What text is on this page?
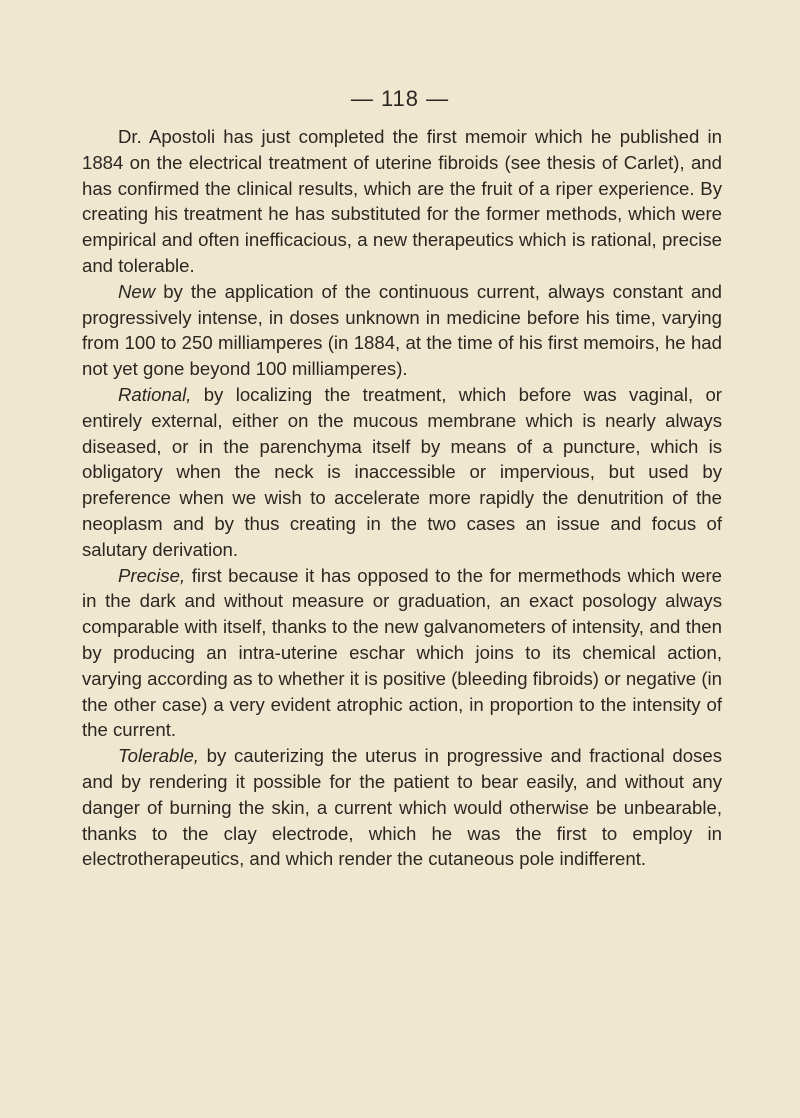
— 118 —

Dr. Apostoli has just completed the first memoir which he published in 1884 on the electrical treatment of uterine fibroids (see thesis of Carlet), and has confirmed the clinical results, which are the fruit of a riper experience. By creating his treatment he has substituted for the former methods, which were empirical and often inefficacious, a new therapeutics which is rational, precise and tolerable.

New by the application of the continuous current, always constant and progressively intense, in doses unknown in medicine before his time, varying from 100 to 250 milliamperes (in 1884, at the time of his first memoirs, he had not yet gone beyond 100 milliamperes).

Rational, by localizing the treatment, which before was vaginal, or entirely external, either on the mucous membrane which is nearly always diseased, or in the parenchyma itself by means of a puncture, which is obligatory when the neck is inaccessible or impervious, but used by preference when we wish to accelerate more rapidly the denutrition of the neoplasm and by thus creating in the two cases an issue and focus of salutary derivation.

Precise, first because it has opposed to the for mermethods which were in the dark and without measure or graduation, an exact posology always comparable with itself, thanks to the new galvanometers of intensity, and then by producing an intra-uterine eschar which joins to its chemical action, varying according as to whether it is positive (bleeding fibroids) or negative (in the other case) a very evident atrophic action, in proportion to the intensity of the current.

Tolerable, by cauterizing the uterus in progressive and fractional doses and by rendering it possible for the patient to bear easily, and without any danger of burning the skin, a current which would otherwise be unbearable, thanks to the clay electrode, which he was the first to employ in electrotherapeutics, and which render the cutaneous pole indifferent.
